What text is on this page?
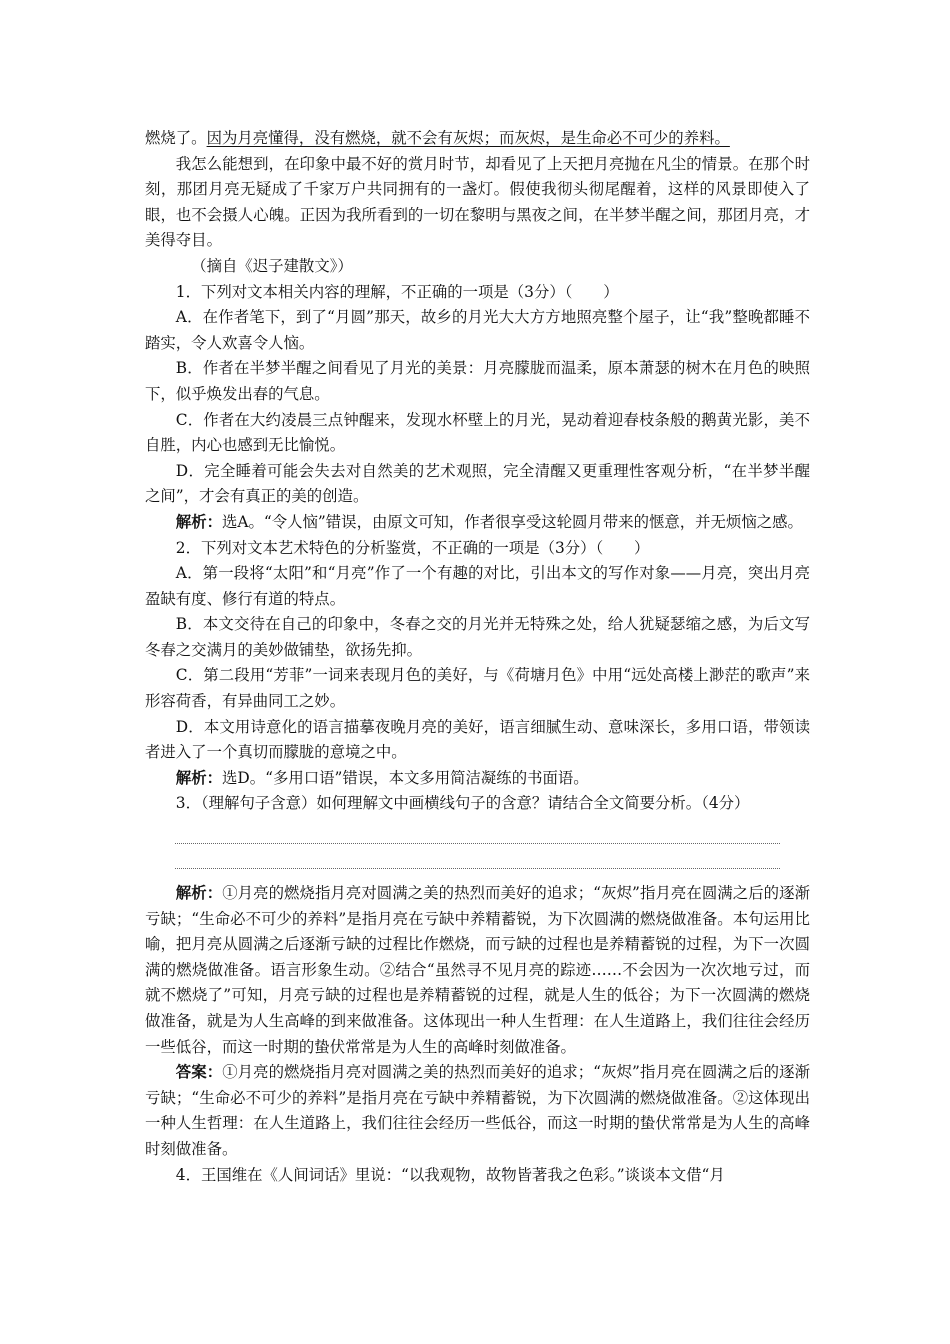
燃烧了。因为月亮懂得，没有燃烧，就不会有灰烬；而灰烬，是生命必不可少的养料。

我怎么能想到，在印象中最不好的赏月时节，却看见了上天把月亮抛在凡尘的情景。在那个时刻，那团月亮无疑成了千家万户共同拥有的一盏灯。假使我彻头彻尾醒着，这样的风景即使入了眼，也不会摄人心魄。正因为我所看到的一切在黎明与黑夜之间，在半梦半醒之间，那团月亮，才美得夺目。

（摘自《迟子建散文》）

1．下列对文本相关内容的理解，不正确的一项是（3分）（　　）

A．在作者笔下，到了“月圆”那天，故乡的月光大大方方地照亮整个屋子，让“我”整晚都睡不踏实，令人欢喜令人恼。

B．作者在半梦半醒之间看见了月光的美景：月亮朦胧而温柔，原本萧瑟的树木在月色的映照下，似乎焕发出春的气息。

C．作者在大约凌晨三点钟醒来，发现水杯壁上的月光，晃动着迎春枝条般的鹅黄光影，美不自胜，内心也感到无比愉悦。

D．完全睡着可能会失去对自然美的艺术观照，完全清醒又更重理性客观分析，“在半梦半醒之间”，才会有真正的美的创造。

解析：选A。“令人恼”错误，由原文可知，作者很享受这轮圆月带来的惬意，并无烦恼之感。

2．下列对文本艺术特色的分析鉴赏，不正确的一项是（3分）（　　）

A．第一段将“太阳”和“月亮”作了一个有趣的对比，引出本文的写作对象——月亮，突出月亮盈缺有度、修行有道的特点。

B．本文交待在自己的印象中，冬春之交的月光并无特殊之处，给人犹疑瑟缩之感，为后文写冬春之交满月的美妙做铺垫，欲扬先抑。

C．第二段用“芳菲”一词来表现月色的美好，与《荷塘月色》中用“远处高楼上渺茫的歌声”来形容荷香，有异曲同工之妙。

D．本文用诗意化的语言描摹夜晚月亮的美好，语言细腻生动、意味深长，多用口语，带领读者进入了一个真切而朦胧的意境之中。

解析：选D。“多用口语”错误，本文多用简洁凝练的书面语。

3．（理解句子含意）如何理解文中画横线句子的含意？请结合全文简要分析。（4分）

解析：①月亮的燃烧指月亮对圆满之美的热烈而美好的追求；“灰烬”指月亮在圆满之后的逐渐亏缺；“生命必不可少的养料”是指月亮在亏缺中养精蓄锐，为下次圆满的燃烧做准备。本句运用比喻，把月亮从圆满之后逐渐亏缺的过程比作燃烧，而亏缺的过程也是养精蓄锐的过程，为下一次圆满的燃烧做准备。语言形象生动。②结合“虽然寻不见月亮的踪迹……不会因为一次次地亏过，而就不燃烧了”可知，月亮亏缺的过程也是养精蓄锐的过程，就是人生的低谷；为下一次圆满的燃烧做准备，就是为人生高峰的到来做准备。这体现出一种人生哲理：在人生道路上，我们往往会经历一些低谷，而这一时期的蛰伏常常是为人生的高峰时刻做准备。

答案：①月亮的燃烧指月亮对圆满之美的热烈而美好的追求；“灰烬”指月亮在圆满之后的逐渐亏缺；“生命必不可少的养料”是指月亮在亏缺中养精蓄锐，为下次圆满的燃烧做准备。②这体现出一种人生哲理：在人生道路上，我们往往会经历一些低谷，而这一时期的蛰伏常常是为人生的高峰时刻做准备。

4．王国维在《人间词话》里说：“以我观物，故物皆著我之色彩。”谈谈本文借“月
